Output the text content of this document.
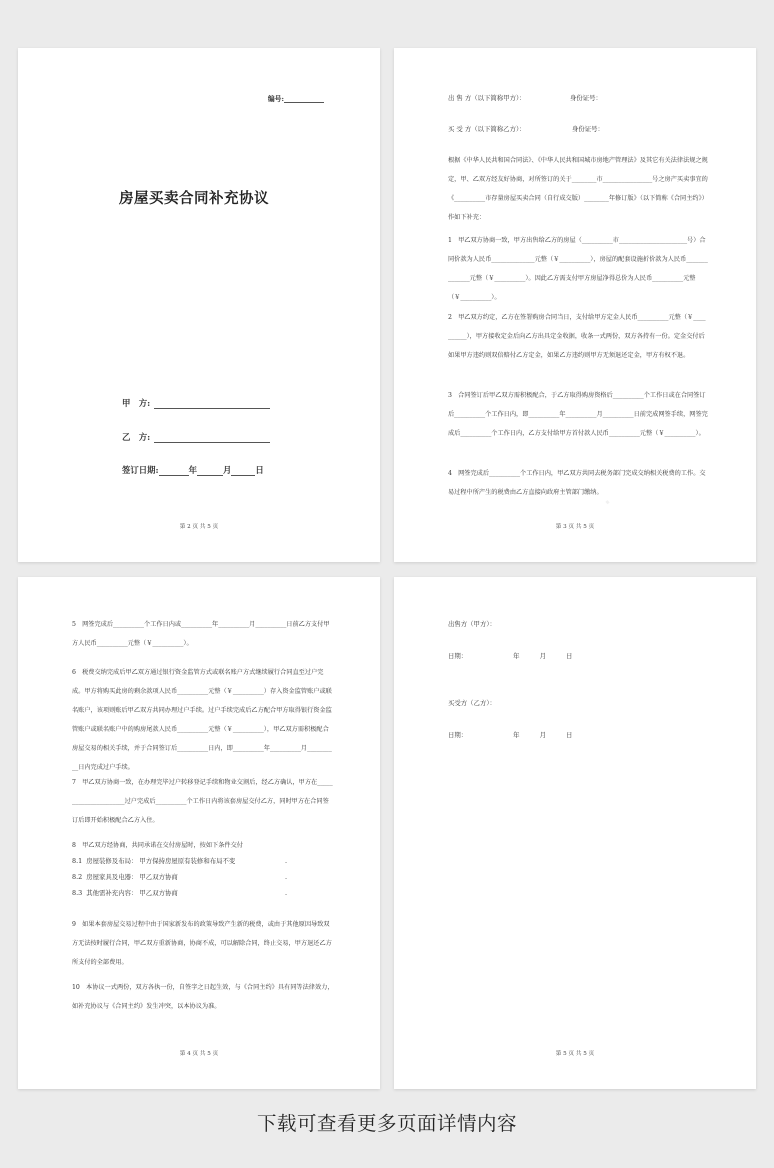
编号:
房屋买卖合同补充协议
甲　方:
乙　方:
签订日期:	年	月	日
第 2 页 共 5 页
·
出 售 方（以下简称甲方）：	身份证号：
买 受 方（以下简称乙方）：	身份证号：
根据《中华人民共和国合同法》、《中华人民共和国城市房地产管理法》及其它有关法律法规之规定，甲、乙双方经友好协商，对所签订的关于________市________________号之房产买卖事宜的《__________市存量房屋买卖合同（自行成交版）________年修订版》（以下简称《合同主约》）作如下补充：
1　甲乙双方协商一致，甲方出售给乙方的房屋（__________市______________________号）合同价款为人民币______________元整（￥__________），房屋的配套设施折价款为人民币______________元整（￥__________）。因此乙方需支付甲方房屋净得总价为人民币__________元整（￥__________）。
2　甲乙双方约定，乙方在签署购房合同当日，支付给甲方定金人民币__________元整（￥__________），甲方接收定金后向乙方出具定金收据，收条一式两份，双方各持有一份。定金交付后如果甲方违约则双倍赔付乙方定金，如果乙方违约则甲方无须退还定金，甲方有权不退。
3　合同签订后甲乙双方需积极配合，于乙方取得购房资格后__________个工作日或在合同签订后__________个工作日内，即__________年__________月__________日前完成网签手续，网签完成后__________个工作日内，乙方支付给甲方首付款人民币__________元整（￥__________）。
4　网签完成后__________个工作日内，甲乙双方共同去税务部门完成交纳相关税费的工作。交易过程中所产生的税费由乙方直接向政府主管部门缴纳。
第 3 页 共 5 页
5　网签完成后__________个工作日内或__________年__________月__________日前乙方支付甲方人民币__________元整（￥__________）。
6　税费交纳完成后甲乙双方通过银行资金监管方式或联名账户方式继续履行合同直至过户完成。甲方将购买此房的剩余款项人民币__________元整（￥__________）存入资金监管账户或联名账户，该项则账后甲乙双方共同办理过户手续。过户手续完成后乙方配合甲方取得银行资金监管账户或联名账户中的购房尾款人民币__________元整（￥__________），甲乙双方需积极配合房屋交易的相关手续，并于合同签订后__________日内，即__________年__________月__________日内完成过户手续。
7　甲乙双方协商一致，在办理完毕过户转移登记手续和物业交割后，经乙方确认，甲方在______________________过户完成后__________个工作日内将该套房屋交付乙方，同时甲方在合同签订后即开始积极配合乙方入住。
8　甲乙双方经协商，共同承诺在交付房屋时，按如下条件交付
8.1 房屋装修及布局： 甲方保持房屋原有装修和布局不变	.
8.2 房屋家具及电器： 甲乙双方协商	.
8.3 其他需补充内容： 甲乙双方协商	.
9　如果本套房屋交易过程中由于国家新发布的政策导致产生新的税费，或由于其他原因导致双方无法按时履行合同，甲乙双方重新协商，协商不成，可以解除合同，终止交易，甲方退还乙方所支付的全部费用。
10　本协议一式两份，双方各执一份，自签字之日起生效，与《合同主约》具有同等法律效力，如补充协议与《合同主约》发生冲突，以本协议为准。
第 4 页 共 5 页
出售方（甲方）：
日期：	年	月	日
买受方（乙方）：
日期：	年	月	日
第 5 页 共 5 页
下载可查看更多页面详情内容
